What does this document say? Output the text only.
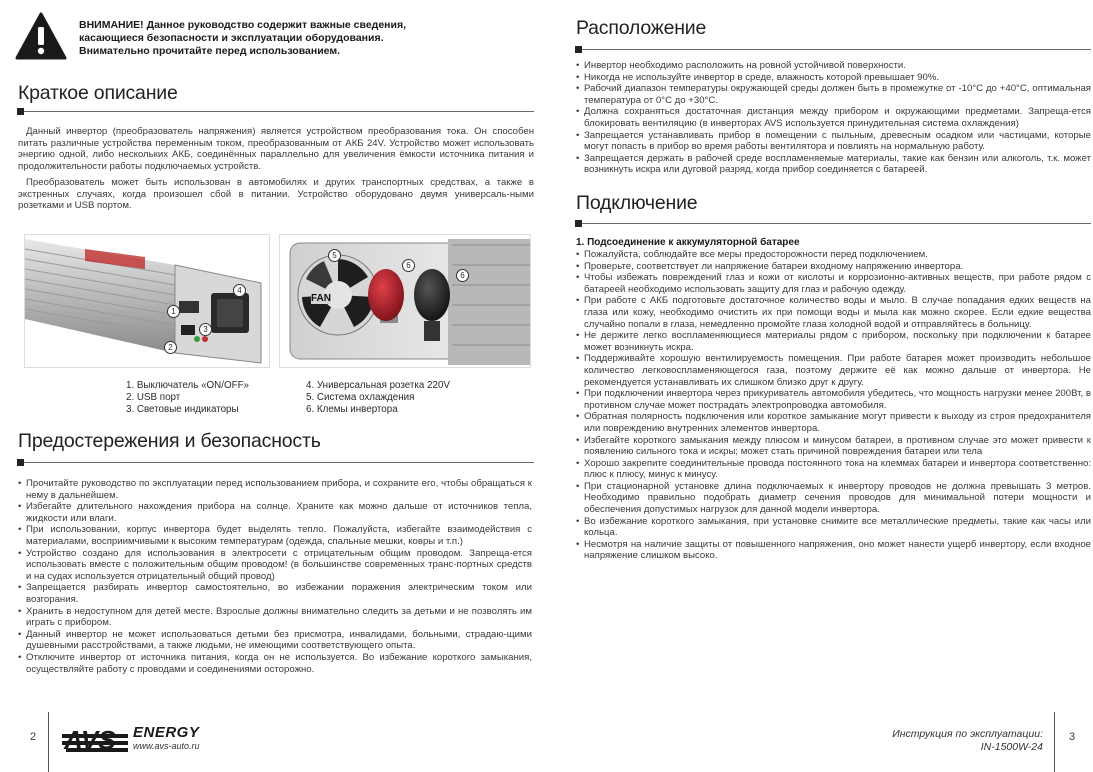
ВНИМАНИЕ! Данное руководство содержит важные сведения,
касающиеся безопасности и эксплуатации оборудования.
Внимательно прочитайте перед использованием.
Краткое описание

Данный инвертор (преобразователь напряжения) является устройством преобразования тока. Он способен питать различные устройства переменным током, преобразованным от АКБ 24V. Устройство может использовать энергию одной, либо нескольких АКБ, соединённых параллельно для увеличения ёмкости источника питания и продолжительности работы подключаемых устройств.

Преобразователь может быть использован в автомобилях и других транспортных средствах, а также в экстренных случаях, когда произошел сбой в питании. Устройство оборудовано двумя универсаль-ными розетками и USB портом.

1
2
3
4
FAN
5
6
6
1. Выключатель «ON/OFF»
2. USB порт
3. Световые индикаторы
4. Универсальная розетка 220V
5. Система охлаждения
6. Клемы инвертора
Предостережения и безопасность
• Прочитайте руководство по эксплуатации перед использованием прибора, и сохраните его, чтобы обращаться к нему в дальнейшем.
• Избегайте длительного нахождения прибора на солнце. Храните как можно дальше от источников тепла, жидкости или влаги.
• При использовании, корпус инвертора будет выделять тепло. Пожалуйста, избегайте взаимодействия с материалами, восприимчивыми к высоким температурам (одежда, спальные мешки, ковры и т.п.)
• Устройство создано для использования в электросети с отрицательным общим проводом. Запреща-ется использовать вместе с положительным общим проводом! (в большинстве современных транс-портных средств и на судах используется отрицательный общий провод)
• Запрещается разбирать инвертор самостоятельно, во избежании поражения электрическим током или возгорания.
• Хранить в недоступном для детей месте. Взрослые должны внимательно следить за детьми и не позволять им играть с прибором.
• Данный инвертор не может использоваться детьми без присмотра, инвалидами, больными, страдаю-щими душевными расстройствами, а также людьми, не имеющими соответствующего опыта.
• Отключите инвертор от источника питания, когда он не используется. Во избежание короткого замыкания, осуществляйте работу с проводами и соединениями осторожно.
2 AVS ENERGY
www.avs-auto.ru
Расположение
• Инвертор необходимо расположить на ровной устойчивой поверхности.
• Никогда не используйте инвертор в среде, влажность которой превышает 90%.
• Рабочий диапазон температуры окружающей среды должен быть в промежутке от -10°С до +40°С, оптимальная температура от 0°С до +30°С.
• Должна сохраняться достаточная дистанция между прибором и окружающими предметами. Запреща-ется блокировать вентиляцию (в инверторах AVS используется принудительная система охлаждения)
• Запрещается устанавливать прибор в помещении с пыльным, древесным осадком или частицами, которые могут попасть в прибор во время работы вентилятора и повлиять на нормальную работу.
• Запрещается держать в рабочей среде воспламеняемые материалы, такие как бензин или алкоголь, т.к. может возникнуть искра или дуговой разряд, когда прибор соединяется с батареей.
Подключение
1. Подсоединение к аккумуляторной батарее
• Пожалуйста, соблюдайте все меры предосторожности перед подключением.
• Проверьте, соответствует ли напряжение батареи входному напряжению инвертора.
• Чтобы избежать повреждений глаз и кожи от кислоты и коррозионно-активных веществ, при работе рядом с батареей необходимо использовать защиту для глаз и рабочую одежду.
• При работе с АКБ подготовьте достаточное количество воды и мыло. В случае попадания едких веществ на глаза или кожу, необходимо очистить их при помощи воды и мыла как можно скорее. Если едкие вещества случайно попали в глаза, немедленно промойте глаза холодной водой и отправляйтесь в больницу.
• Не держите легко воспламеняющиеся материалы рядом с прибором, поскольку при подключении к батарее может возникнуть искра.
• Поддерживайте хорошую вентилируемость помещения. При работе батарея может производить небольшое количество легковоспламеняющегося газа, поэтому держите её как можно дальше от инвертора. Не рекомендуется устанавливать их слишком близко друг к другу.
• При подключении инвертора через прикуриватель автомобиля убедитесь, что мощность нагрузки менее 200Вт, в противном случае может пострадать электропроводка автомобиля.
• Обратная полярность подключения или короткое замыкание могут привести к выходу из строя предохранителя или повреждению внутренних элементов инвертора.
• Избегайте короткого замыкания между плюсом и минусом батареи, в противном случае это может привести к появлению сильного тока и искры; может стать причиной повреждения батареи или тела
• Хорошо закрепите соединительные провода постоянного тока на клеммах батареи и инвертора соответственно: плюс к плюсу, минус к минусу.
• При стационарной установке длина подключаемых к инвертору проводов не должна превышать 3 метров. Необходимо правильно подобрать диаметр сечения проводов для минимальной потери мощности и обеспечения допустимых нагрузок для данной модели инвертора.
• Во избежание короткого замыкания, при установке снимите все металлические предметы, такие как часы или кольца.
• Несмотря на наличие защиты от повышенного напряжения, оно может нанести ущерб инвертору, если входное напряжение слишком высоко.
Инструкция по эксплуатации:
IN-1500W-24
3
